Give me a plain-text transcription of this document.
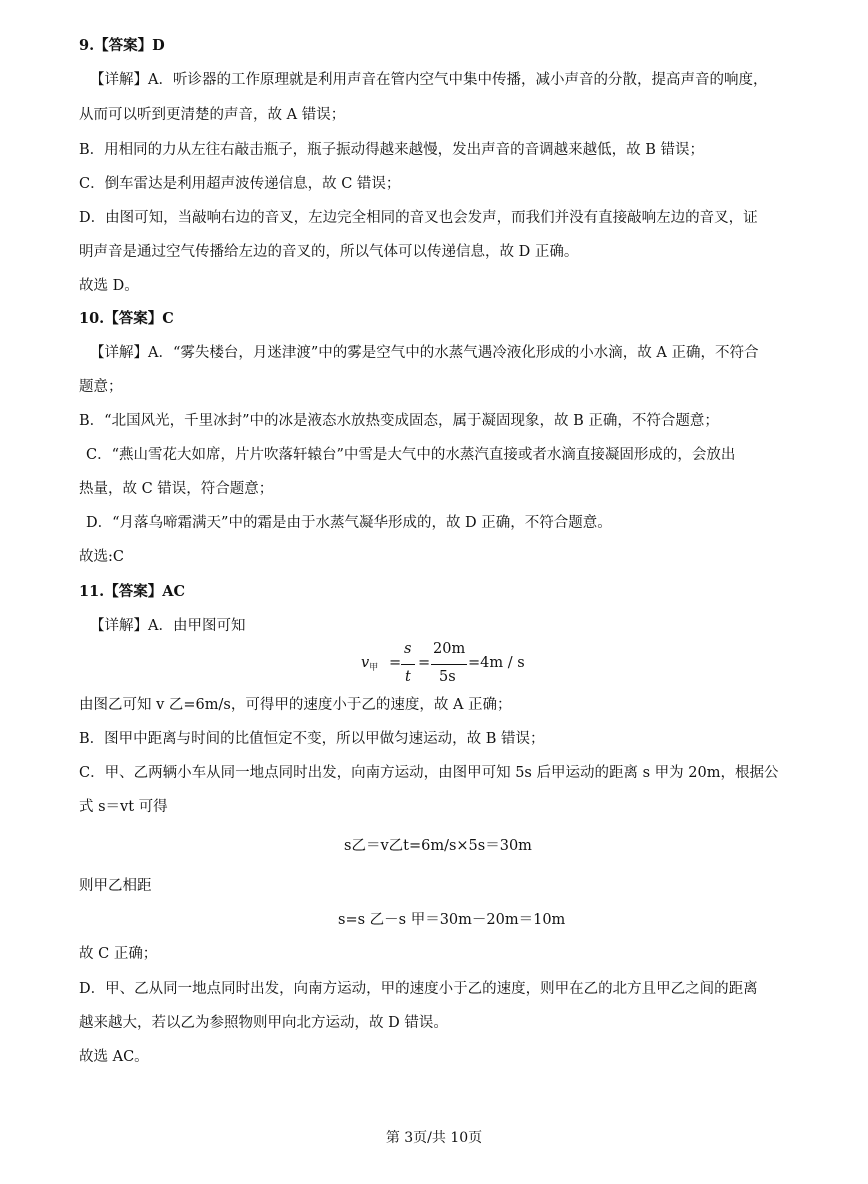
9.【答案】D
【详解】A．听诊器的工作原理就是利用声音在管内空气中集中传播，减小声音的分散，提高声音的响度，
从而可以听到更清楚的声音，故 A 错误；
B．用相同的力从左往右敲击瓶子，瓶子振动得越来越慢，发出声音的音调越来越低，故 B 错误；
C．倒车雷达是利用超声波传递信息，故 C 错误；
D．由图可知，当敲响右边的音叉，左边完全相同的音叉也会发声，而我们并没有直接敲响左边的音叉，证
明声音是通过空气传播给左边的音叉的，所以气体可以传递信息，故 D 正确。
故选 D。
10.【答案】C
【详解】A．“雾失楼台，月迷津渡”中的雾是空气中的水蒸气遇冷液化形成的小水滴，故 A 正确，不符合
题意；
B．“北国风光，千里冰封”中的冰是液态水放热变成固态，属于凝固现象，故 B 正确，不符合题意；
C．“燕山雪花大如席，片片吹落轩辕台”中雪是大气中的水蒸汽直接或者水滴直接凝固形成的，会放出
热量，故 C 错误，符合题意；
D．“月落乌啼霜满天”中的霜是由于水蒸气凝华形成的，故 D 正确，不符合题意。
故选:C
11.【答案】AC
【详解】A．由甲图可知
$v_甲$ =
s
t
=
20m
5s
=4m / s
由图乙可知 v 乙=6m/s，可得甲的速度小于乙的速度，故 A 正确；
B．图甲中距离与时间的比值恒定不变，所以甲做匀速运动，故 B 错误；
C．甲、乙两辆小车从同一地点同时出发，向南方运动，由图甲可知 5s 后甲运动的距离 s 甲为 20m，根据公
式 s＝vt 可得
s乙＝v乙t=6m/s×5s＝30m
则甲乙相距
s=s 乙－s 甲＝30m－20m＝10m
故 C 正确；
D．甲、乙从同一地点同时出发，向南方运动，甲的速度小于乙的速度，则甲在乙的北方且甲乙之间的距离
越来越大，若以乙为参照物则甲向北方运动，故 D 错误。
故选 AC。
第 3页/共 10页
